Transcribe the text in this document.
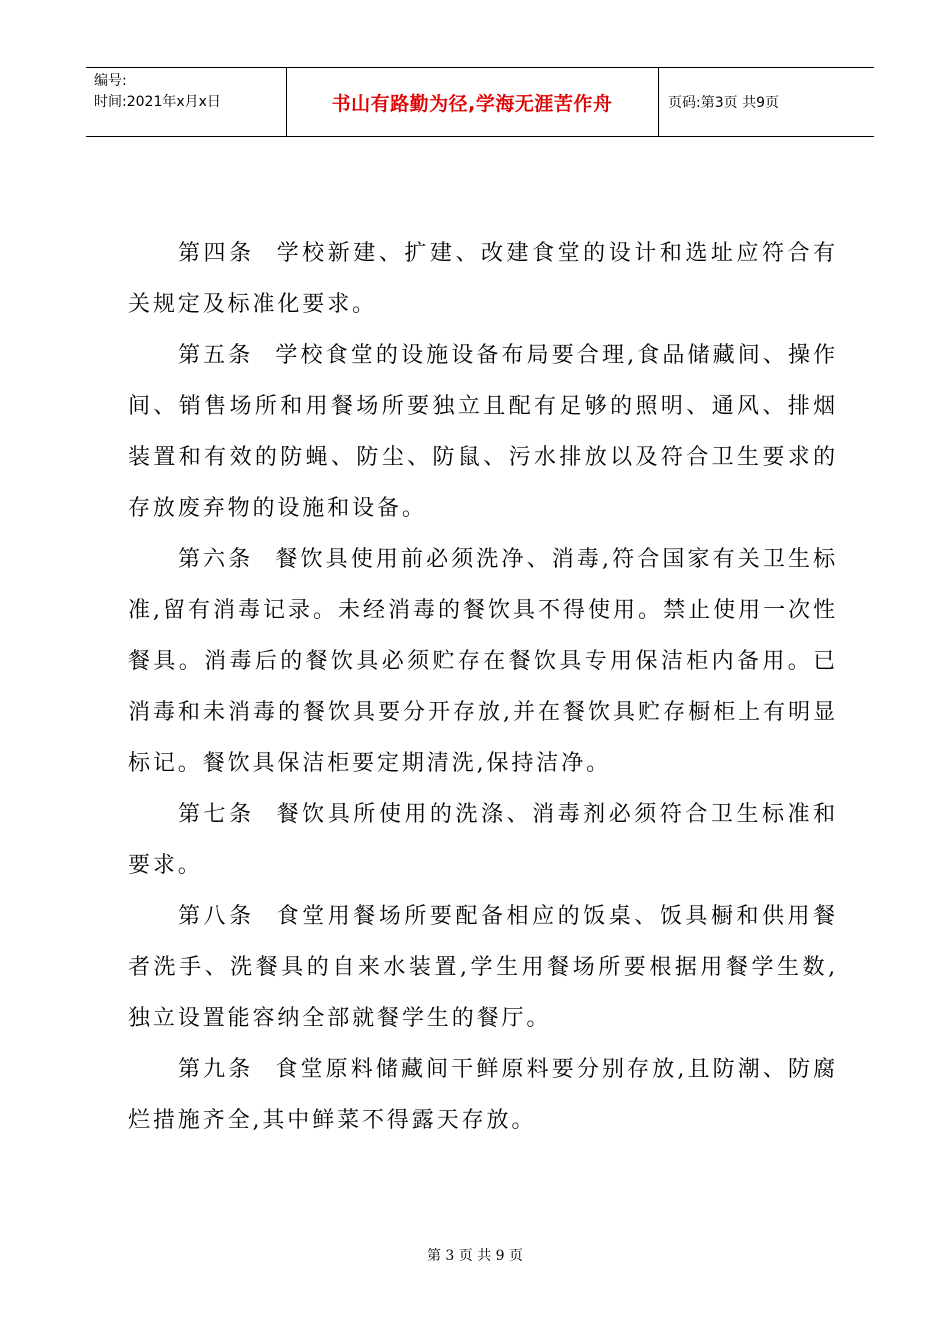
编号:
时间:2021年x月x日	书山有路勤为径,学海无涯苦作舟	页码:第3页 共9页

第四条 学校新建、扩建、改建食堂的设计和选址应符合有关规定及标准化要求。

第五条 学校食堂的设施设备布局要合理,食品储藏间、操作间、销售场所和用餐场所要独立且配有足够的照明、通风、排烟装置和有效的防蝇、防尘、防鼠、污水排放以及符合卫生要求的存放废弃物的设施和设备。

第六条 餐饮具使用前必须洗净、消毒,符合国家有关卫生标准,留有消毒记录。未经消毒的餐饮具不得使用。禁止使用一次性餐具。消毒后的餐饮具必须贮存在餐饮具专用保洁柜内备用。已消毒和未消毒的餐饮具要分开存放,并在餐饮具贮存橱柜上有明显标记。餐饮具保洁柜要定期清洗,保持洁净。

第七条 餐饮具所使用的洗涤、消毒剂必须符合卫生标准和要求。

第八条 食堂用餐场所要配备相应的饭桌、饭具橱和供用餐者洗手、洗餐具的自来水装置,学生用餐场所要根据用餐学生数,独立设置能容纳全部就餐学生的餐厅。

第九条 食堂原料储藏间干鲜原料要分别存放,且防潮、防腐烂措施齐全,其中鲜菜不得露天存放。

第 3 页 共 9 页
